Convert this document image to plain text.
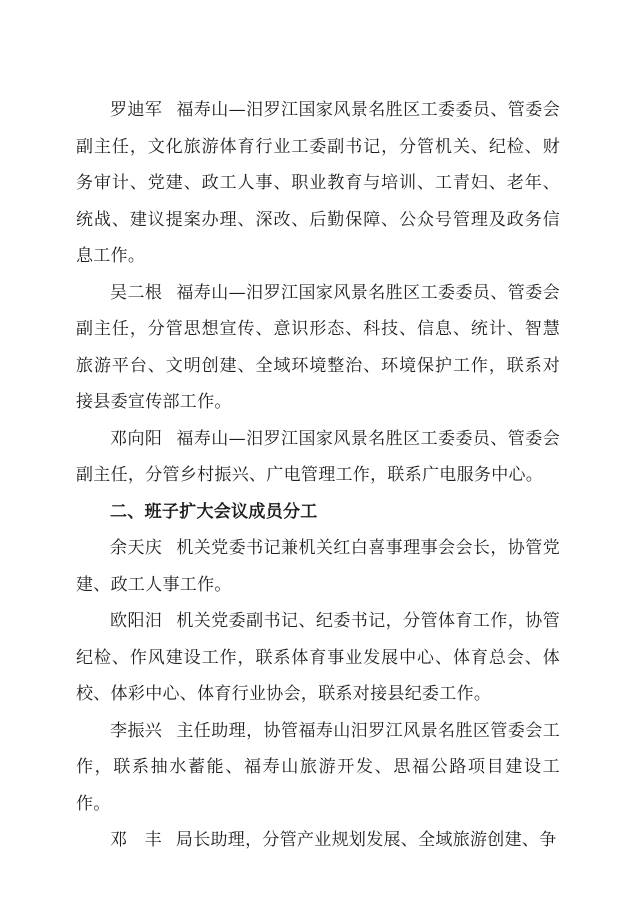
罗迪军 福寿山—汨罗江国家风景名胜区工委委员、管委会副主任，文化旅游体育行业工委副书记，分管机关、纪检、财务审计、党建、政工人事、职业教育与培训、工青妇、老年、统战、建议提案办理、深改、后勤保障、公众号管理及政务信息工作。

吴二根 福寿山—汨罗江国家风景名胜区工委委员、管委会副主任，分管思想宣传、意识形态、科技、信息、统计、智慧旅游平台、文明创建、全域环境整治、环境保护工作，联系对接县委宣传部工作。

邓向阳 福寿山—汨罗江国家风景名胜区工委委员、管委会副主任，分管乡村振兴、广电管理工作，联系广电服务中心。

二、班子扩大会议成员分工

余天庆 机关党委书记兼机关红白喜事理事会会长，协管党建、政工人事工作。

欧阳汨 机关党委副书记、纪委书记，分管体育工作，协管纪检、作风建设工作，联系体育事业发展中心、体育总会、体校、体彩中心、体育行业协会，联系对接县纪委工作。

李振兴 主任助理，协管福寿山汨罗江风景名胜区管委会工作，联系抽水蓄能、福寿山旅游开发、思福公路项目建设工作。

邓　丰 局长助理，分管产业规划发展、全域旅游创建、争
